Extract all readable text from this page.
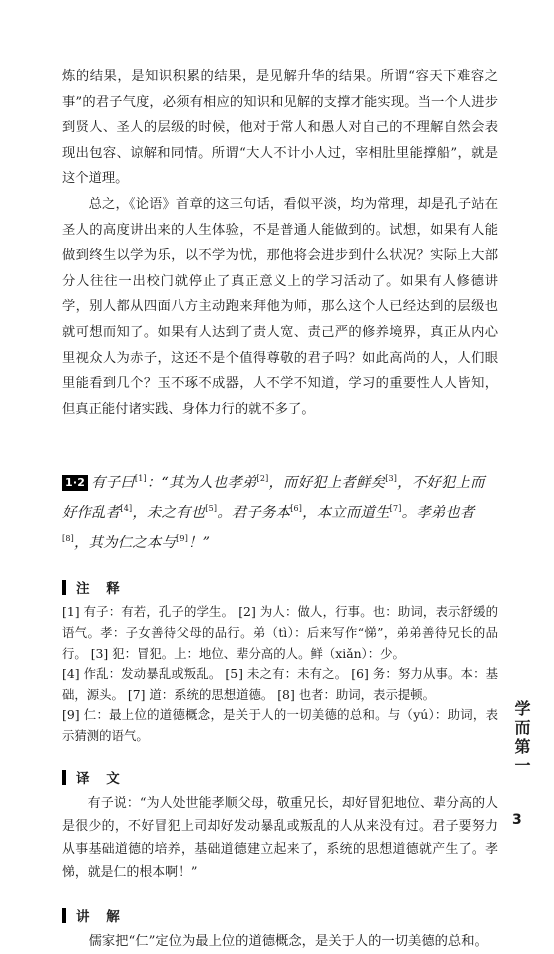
炼的结果，是知识积累的结果，是见解升华的结果。所谓“容天下难容之事”的君子气度，必须有相应的知识和见解的支撑才能实现。当一个人进步到贤人、圣人的层级的时候，他对于常人和愚人对自己的不理解自然会表现出包容、谅解和同情。所谓“大人不计小人过，宰相肚里能撑船”，就是这个道理。

总之，《论语》首章的这三句话，看似平淡，均为常理，却是孔子站在圣人的高度讲出来的人生体验，不是普通人能做到的。试想，如果有人能做到终生以学为乐，以不学为忧，那他将会进步到什么状况？实际上大部分人往往一出校门就停止了真正意义上的学习活动了。如果有人修德讲学，别人都从四面八方主动跑来拜他为师，那么这个人已经达到的层级也就可想而知了。如果有人达到了责人宽、责己严的修养境界，真正从内心里视众人为赤子，这还不是个值得尊敬的君子吗？如此高尚的人，人们眼里能看到几个？玉不琢不成器，人不学不知道，学习的重要性人人皆知，但真正能付诸实践、身体力行的就不多了。

1·2 有子曰[1]：“其为人也孝弟[2]，而好犯上者鲜矣[3]，不好犯上而好作乱者[4]，未之有也[5]。君子务本[6]，本立而道生[7]。孝弟也者[8]，其为仁之本与[9]！”
注 释

[1] 有子：有若，孔子的学生。 [2] 为人：做人，行事。也：助词，表示舒缓的语气。孝：子女善待父母的品行。弟（tì）：后来写作“悌”，弟弟善待兄长的品行。 [3] 犯：冒犯。上：地位、辈分高的人。鲜（xiǎn）：少。

[4] 作乱：发动暴乱或叛乱。 [5] 未之有：未有之。 [6] 务：努力从事。本：基础，源头。 [7] 道：系统的思想道德。 [8] 也者：助词，表示提顿。

[9] 仁：最上位的道德概念，是关于人的一切美德的总和。与（yú）：助词，表示猜测的语气。

译 文

有子说：“为人处世能孝顺父母，敬重兄长，却好冒犯地位、辈分高的人是很少的，不好冒犯上司却好发动暴乱或叛乱的人从来没有过。君子要努力从事基础道德的培养，基础道德建立起来了，系统的思想道德就产生了。孝悌，就是仁的根本啊！”

讲 解

儒家把“仁”定位为最上位的道德概念，是关于人的一切美德的总和。

学而第一
3
